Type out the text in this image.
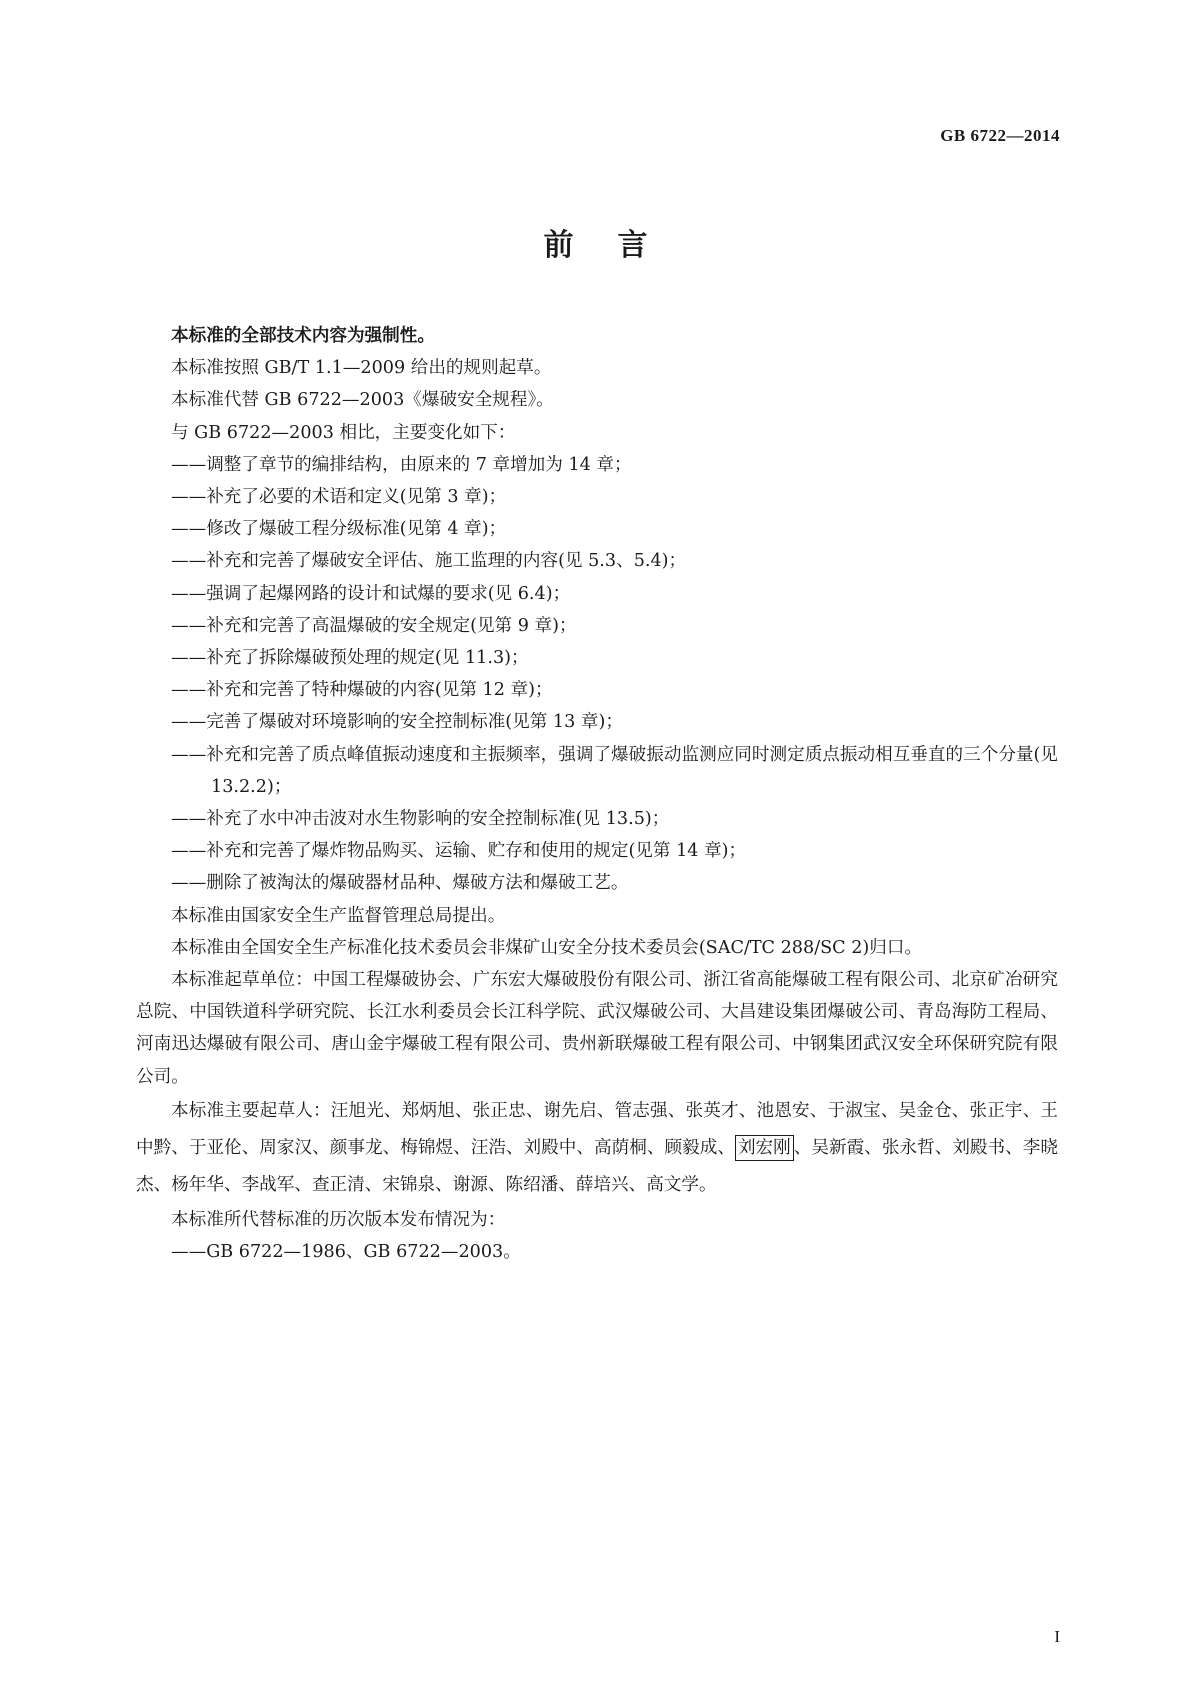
GB 6722—2014
前言

本标准的全部技术内容为强制性。

本标准按照 GB/T 1.1—2009 给出的规则起草。

本标准代替 GB 6722—2003《爆破安全规程》。

与 GB 6722—2003 相比，主要变化如下：

——调整了章节的编排结构，由原来的 7 章增加为 14 章；

——补充了必要的术语和定义(见第 3 章)；

——修改了爆破工程分级标准(见第 4 章)；

——补充和完善了爆破安全评估、施工监理的内容(见 5.3、5.4)；

——强调了起爆网路的设计和试爆的要求(见 6.4)；

——补充和完善了高温爆破的安全规定(见第 9 章)；

——补充了拆除爆破预处理的规定(见 11.3)；

——补充和完善了特种爆破的内容(见第 12 章)；

——完善了爆破对环境影响的安全控制标准(见第 13 章)；

——补充和完善了质点峰值振动速度和主振频率，强调了爆破振动监测应同时测定质点振动相互垂直的三个分量(见 13.2.2)；

——补充了水中冲击波对水生物影响的安全控制标准(见 13.5)；

——补充和完善了爆炸物品购买、运输、贮存和使用的规定(见第 14 章)；

——删除了被淘汰的爆破器材品种、爆破方法和爆破工艺。

本标准由国家安全生产监督管理总局提出。

本标准由全国安全生产标准化技术委员会非煤矿山安全分技术委员会(SAC/TC 288/SC 2)归口。

本标准起草单位：中国工程爆破协会、广东宏大爆破股份有限公司、浙江省高能爆破工程有限公司、北京矿冶研究总院、中国铁道科学研究院、长江水利委员会长江科学院、武汉爆破公司、大昌建设集团爆破公司、青岛海防工程局、河南迅达爆破有限公司、唐山金宇爆破工程有限公司、贵州新联爆破工程有限公司、中钢集团武汉安全环保研究院有限公司。

本标准主要起草人：汪旭光、郑炳旭、张正忠、谢先启、管志强、张英才、池恩安、于淑宝、吴金仓、张正宇、王中黔、于亚伦、周家汉、颜事龙、梅锦煜、汪浩、刘殿中、高荫桐、顾毅成、 刘宏刚 、吴新霞、张永哲、刘殿书、李晓杰、杨年华、李战军、查正清、宋锦泉、谢源、陈绍潘、薛培兴、高文学。

本标准所代替标准的历次版本发布情况为：

——GB 6722—1986、GB 6722—2003。

I
